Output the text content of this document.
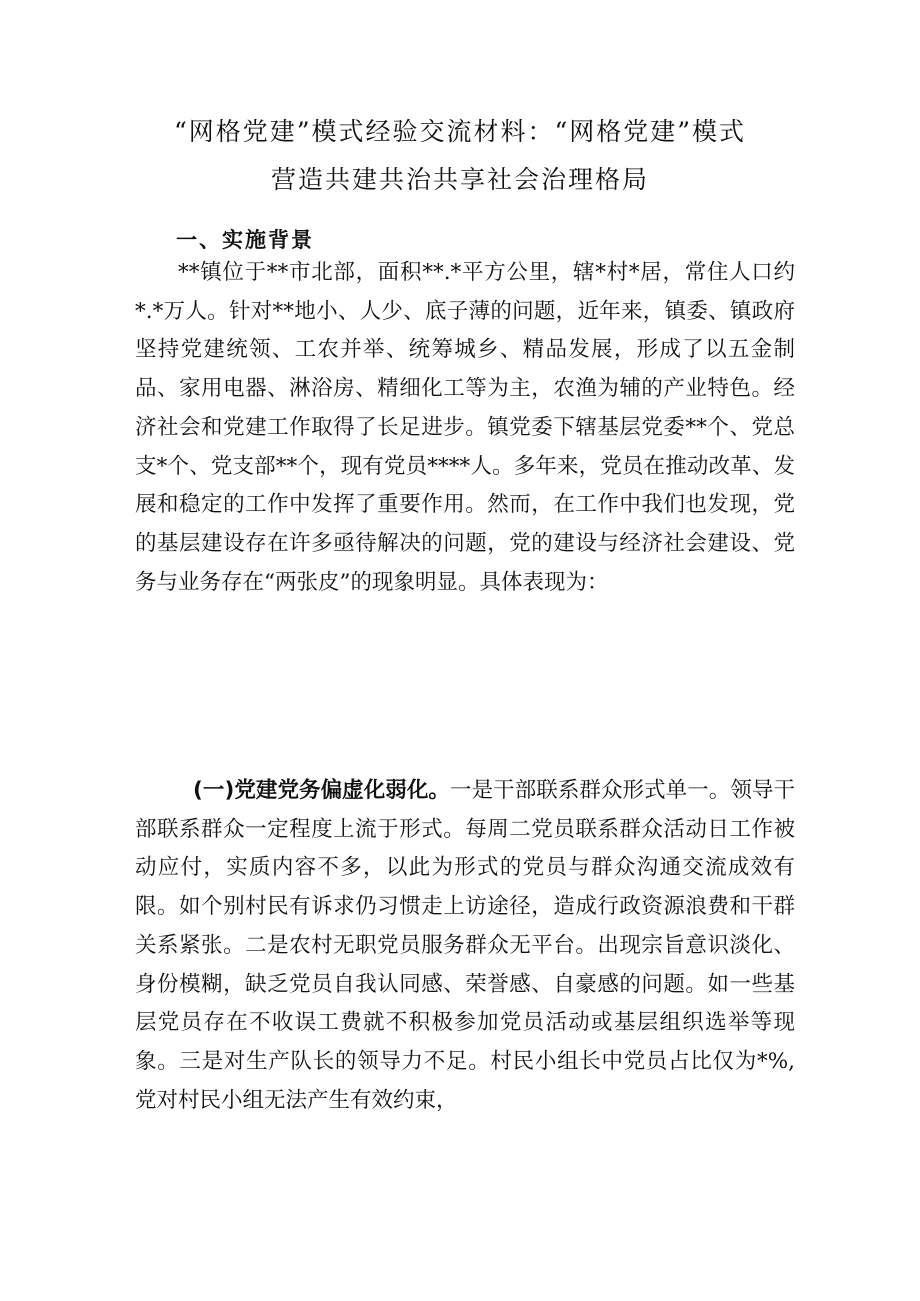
“网格党建”模式经验交流材料：“网格党建”模式
营造共建共治共享社会治理格局
一、实施背景

**镇位于**市北部，面积**.*平方公里，辖*村*居，常住人口约*.*万人。针对**地小、人少、底子薄的问题，近年来，镇委、镇政府坚持党建统领、工农并举、统筹城乡、精品发展，形成了以五金制品、家用电器、淋浴房、精细化工等为主，农渔为辅的产业特色。经济社会和党建工作取得了长足进步。镇党委下辖基层党委**个、党总支*个、党支部**个，现有党员****人。多年来，党员在推动改革、发展和稳定的工作中发挥了重要作用。然而，在工作中我们也发现，党的基层建设存在许多亟待解决的问题，党的建设与经济社会建设、党务与业务存在“两张皮”的现象明显。具体表现为：

(一)党建党务偏虚化弱化。一是干部联系群众形式单一。领导干部联系群众一定程度上流于形式。每周二党员联系群众活动日工作被动应付，实质内容不多，以此为形式的党员与群众沟通交流成效有限。如个别村民有诉求仍习惯走上访途径，造成行政资源浪费和干群关系紧张。二是农村无职党员服务群众无平台。出现宗旨意识淡化、身份模糊，缺乏党员自我认同感、荣誉感、自豪感的问题。如一些基层党员存在不收误工费就不积极参加党员活动或基层组织选举等现象。三是对生产队长的领导力不足。村民小组长中党员占比仅为*%,党对村民小组无法产生有效约束，
